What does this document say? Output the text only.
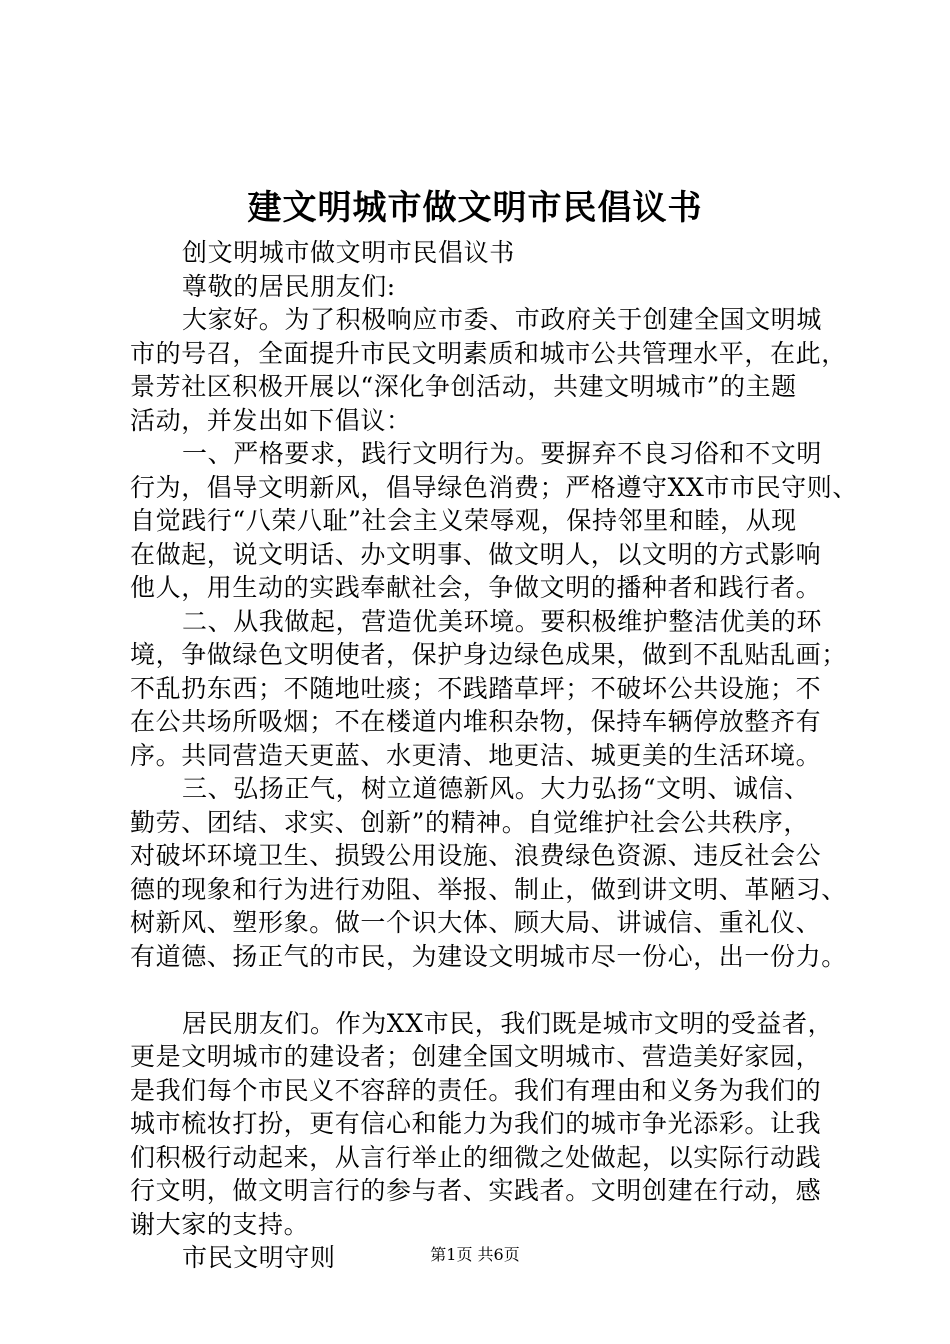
建文明城市做文明市民倡议书
创文明城市做文明市民倡议书
尊敬的居民朋友们:
大家好。为了积极响应市委、市政府关于创建全国文明城
市的号召，全面提升市民文明素质和城市公共管理水平，在此，
景芳社区积极开展以“深化争创活动，共建文明城市”的主题
活动，并发出如下倡议：
一、严格要求，践行文明行为。要摒弃不良习俗和不文明
行为，倡导文明新风，倡导绿色消费；严格遵守XX市市民守则、
自觉践行“八荣八耻”社会主义荣辱观，保持邻里和睦，从现
在做起，说文明话、办文明事、做文明人，以文明的方式影响
他人，用生动的实践奉献社会，争做文明的播种者和践行者。
二、从我做起，营造优美环境。要积极维护整洁优美的环
境，争做绿色文明使者，保护身边绿色成果，做到不乱贴乱画；
不乱扔东西；不随地吐痰；不践踏草坪；不破坏公共设施；不
在公共场所吸烟；不在楼道内堆积杂物，保持车辆停放整齐有
序。共同营造天更蓝、水更清、地更洁、城更美的生活环境。
三、弘扬正气，树立道德新风。大力弘扬“文明、诚信、
勤劳、团结、求实、创新”的精神。自觉维护社会公共秩序，
对破坏环境卫生、损毁公用设施、浪费绿色资源、违反社会公
德的现象和行为进行劝阻、举报、制止，做到讲文明、革陋习、
树新风、塑形象。做一个识大体、顾大局、讲诚信、重礼仪、
有道德、扬正气的市民，为建设文明城市尽一份心，出一份力。
居民朋友们。作为XX市民，我们既是城市文明的受益者，
更是文明城市的建设者；创建全国文明城市、营造美好家园，
是我们每个市民义不容辞的责任。我们有理由和义务为我们的
城市梳妆打扮，更有信心和能力为我们的城市争光添彩。让我
们积极行动起来，从言行举止的细微之处做起，以实际行动践
行文明，做文明言行的参与者、实践者。文明创建在行动，感
谢大家的支持。
市民文明守则	第1页 共6页
